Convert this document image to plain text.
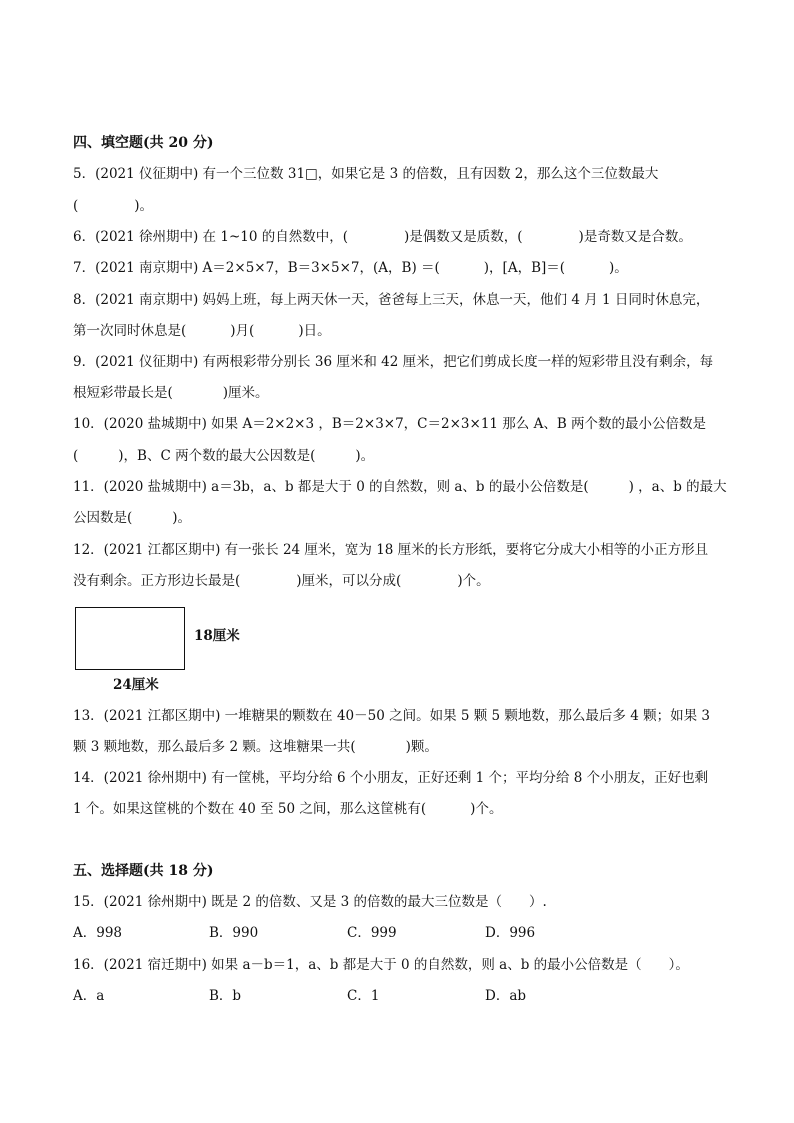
四、填空题(共 20 分)
5．(2021 仪征期中) 有一个三位数 31□，如果它是 3 的倍数，且有因数 2，那么这个三位数最大
(	)。
6．(2021 徐州期中) 在 1~10 的自然数中，(	)是偶数又是质数，(	)是奇数又是合数。
7．(2021 南京期中) A＝2×5×7，B＝3×5×7，(A，B) ＝(	)，[A，B]＝(	)。
8．(2021 南京期中) 妈妈上班，每上两天休一天，爸爸每上三天，休息一天，他们 4 月 1 日同时休息完，
第一次同时休息是(	)月(	)日。
9．(2021 仪征期中) 有两根彩带分别长 36 厘米和 42 厘米，把它们剪成长度一样的短彩带且没有剩余，每
根短彩带最长是(	)厘米。
10．(2020 盐城期中) 如果 A＝2×2×3 ，B＝2×3×7，C＝2×3×11 那么 A、B 两个数的最小公倍数是
(	)，B、C 两个数的最大公因数是(	)。
11．(2020 盐城期中) a＝3b，a、b 都是大于 0 的自然数，则 a、b 的最小公倍数是(	) ，a、b 的最大
公因数是(	)。
12．(2021 江都区期中) 有一张长 24 厘米，宽为 18 厘米的长方形纸，要将它分成大小相等的小正方形且
没有剩余。正方形边长最是(	)厘米，可以分成(	)个。
18厘米
24厘米
13．(2021 江都区期中) 一堆糖果的颗数在 40－50 之间。如果 5 颗 5 颗地数，那么最后多 4 颗；如果 3
颗 3 颗地数，那么最后多 2 颗。这堆糖果一共(	)颗。
14．(2021 徐州期中) 有一筐桃，平均分给 6 个小朋友，正好还剩 1 个；平均分给 8 个小朋友，正好也剩
1 个。如果这筐桃的个数在 40 至 50 之间，那么这筐桃有(	)个。
五、选择题(共 18 分)
15．(2021 徐州期中) 既是 2 的倍数、又是 3 的倍数的最大三位数是（　　）.
A．998	B．990	C．999	D．996
16．(2021 宿迁期中) 如果 a－b＝1，a、b 都是大于 0 的自然数，则 a、b 的最小公倍数是（　　）。
A．a	B．b	C．1	D．ab
